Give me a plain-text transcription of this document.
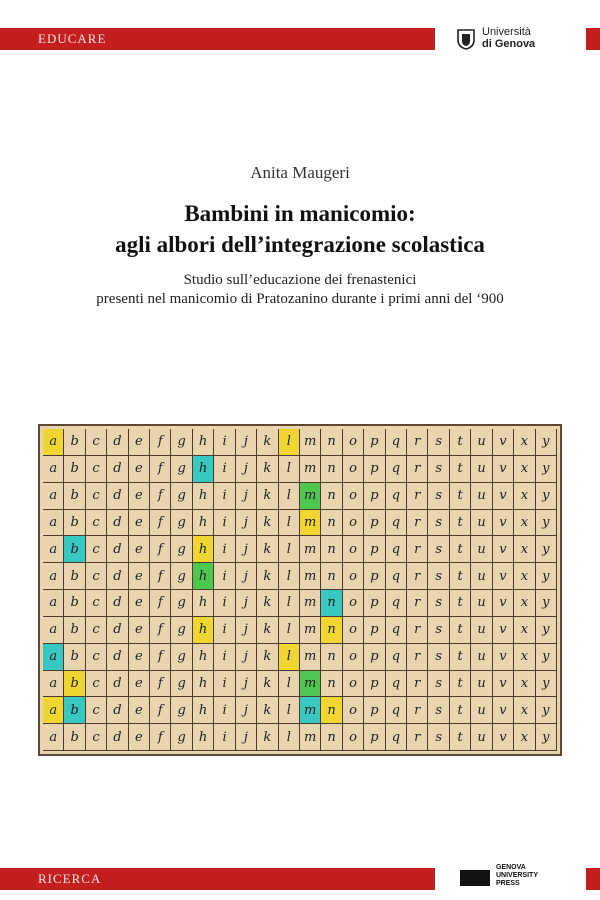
EDUCARE	Università
di Genova
Anita Maugeri
Bambini in manicomio:
agli albori dell’integrazione scolastica
Studio sull’educazione dei frenastenici
presenti nel manicomio di Pratozanino durante i primi anni del ‘900
a	b	c	d	e	f	g	h	i	j	k	l	m n	o	p	q	r	s	t	u	v	x	y
a	b	c	d	e	f	g	h	i	j	k	l	m n	o	p	q	r	s	t	u	v	x	y
a	b	c	d	e	f	g	h	i	j	k	l	m n	o	p	q	r	s	t	u	v	x	y
a	b	c	d	e	f	g	h	i	j	k	l	m n	o	p	q	r	s	t	u	v	x	y
a	b	c	d	e	f	g	h	i	j	k	l	m n	o	p	q	r	s	t	u	v	x	y
a	b	c	d	e	f	g	h	i	j	k	l	m n	o	p	q	r	s	t	u	v	x	y
a	b	c	d	e	f	g	h	i	j	k	l	m n	o	p	q	r	s	t	u	v	x	y
a	b	c	d	e	f	g	h	i	j	k	l	m n	o	p	q	r	s	t	u	v	x	y
a	b	c	d	e	f	g	h	i	j	k	l	m n	o	p	q	r	s	t	u	v	x	y
a	b	c	d	e	f	g	h	i	j	k	l	m n	o	p	q	r	s	t	u	v	x	y
a	b	c	d	e	f	g	h	i	j	k	l	m n	o	p	q	r	s	t	u	v	x	y
a	b	c	d	e	f	g	h	i	j	k	l	m n	o	p	q	r	s	t	u	v	x	y
RICERCA
GENOVA
UNIVERSITY
PRESS
